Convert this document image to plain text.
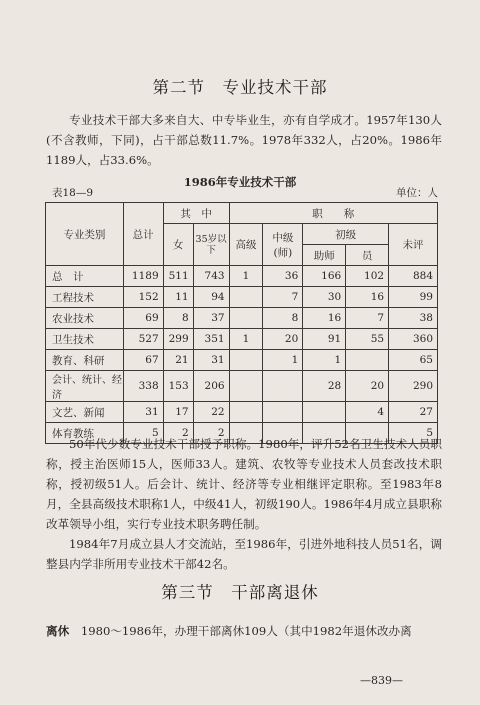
第二节　专业技术干部
专业技术干部大多来自大、中专毕业生，亦有自学成才。1957年130人(不含教师，下同)，占干部总数11.7%。1978年332人，占20%。1986年1189人，占33.6%。
1986年专业技术干部
表18—9	单位：人
专业类别	总计	其　中		职　　称				
		女	35岁以下	高级	中级(师)	初级		未评
						助师	员	
总　计	1189	511	743	1	36	166	102	884
工程技术	152	11	94		7	30	16	99
农业技术	69	8	37		8	16	7	38
卫生技术	527	299	351	1	20	91	55	360
教育、科研	67	21	31		1	1		65
会计、统计、经济	338	153	206			28	20	290
文艺、新闻	31	17	22				4	27
体育教练	5	2	2					5
50年代少数专业技术干部授予职称。1980年，评升52名卫生技术人员职称，授主治医师15人，医师33人。建筑、农牧等专业技术人员套改技术职称，授初级51人。后会计、统计、经济等专业相继评定职称。至1983年8月，全县高级技术职称1人，中级41人，初级190人。1986年4月成立县职称改革领导小组，实行专业技术职务聘任制。
1984年7月成立县人才交流站，至1986年，引进外地科技人员51名，调整县内学非所用专业技术干部42名。
第三节　干部离退休
离休　 1980～1986年，办理干部离休109人（其中1982年退休改办离
—839—
